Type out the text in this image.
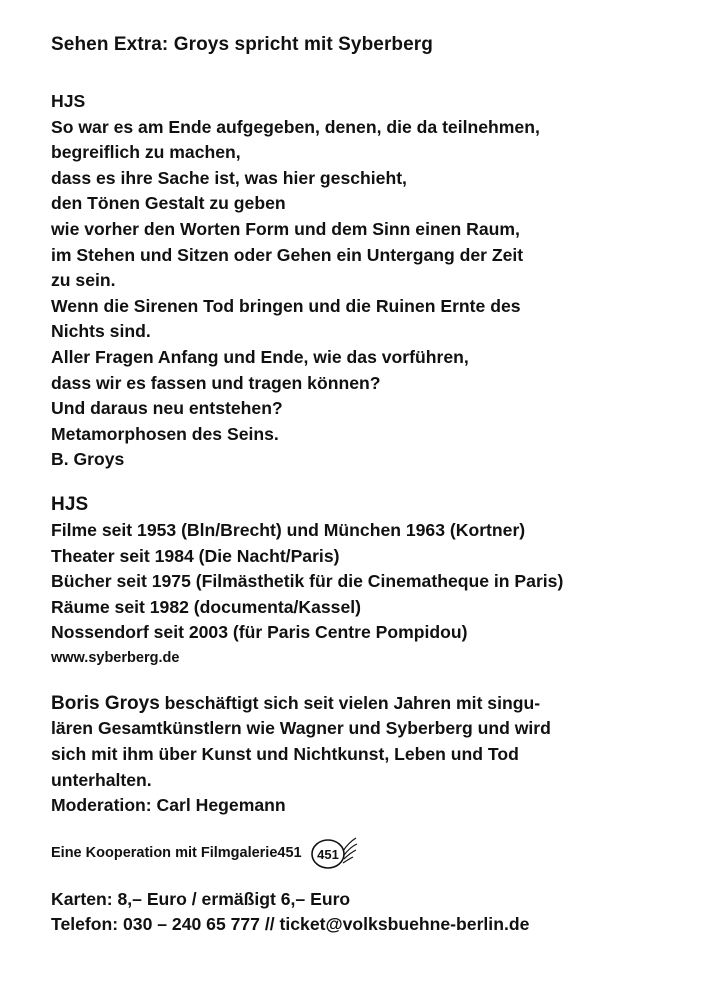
Sehen Extra: Groys spricht mit Syberberg
HJS
So war es am Ende aufgegeben, denen, die da teilnehmen,
begreiflich zu machen,
dass es ihre Sache ist, was hier geschieht,
den Tönen Gestalt zu geben
wie vorher den Worten Form und dem Sinn einen Raum,
im Stehen und Sitzen oder Gehen ein Untergang der Zeit
zu sein.
Wenn die Sirenen Tod bringen und die Ruinen Ernte des
Nichts sind.
Aller Fragen Anfang und Ende, wie das vorführen,
dass wir es fassen und tragen können?
Und daraus neu entstehen?
Metamorphosen des Seins.
B. Groys
HJS
Filme seit 1953 (Bln/Brecht) und München 1963 (Kortner)
Theater seit 1984 (Die Nacht/Paris)
Bücher seit 1975 (Filmästhetik für die Cinematheque in Paris)
Räume seit 1982 (documenta/Kassel)
Nossendorf seit 2003 (für Paris Centre Pompidou)
www.syberberg.de
Boris Groys beschäftigt sich seit vielen Jahren mit singu-
lären Gesamtkünstlern wie Wagner und Syberberg und wird
sich mit ihm über Kunst und Nichtkunst, Leben und Tod
unterhalten.
Moderation: Carl Hegemann
Eine Kooperation mit Filmgalerie451 451
Karten: 8,– Euro / ermäßigt 6,– Euro
Telefon: 030 – 240 65 777 // ticket@volksbuehne-berlin.de
